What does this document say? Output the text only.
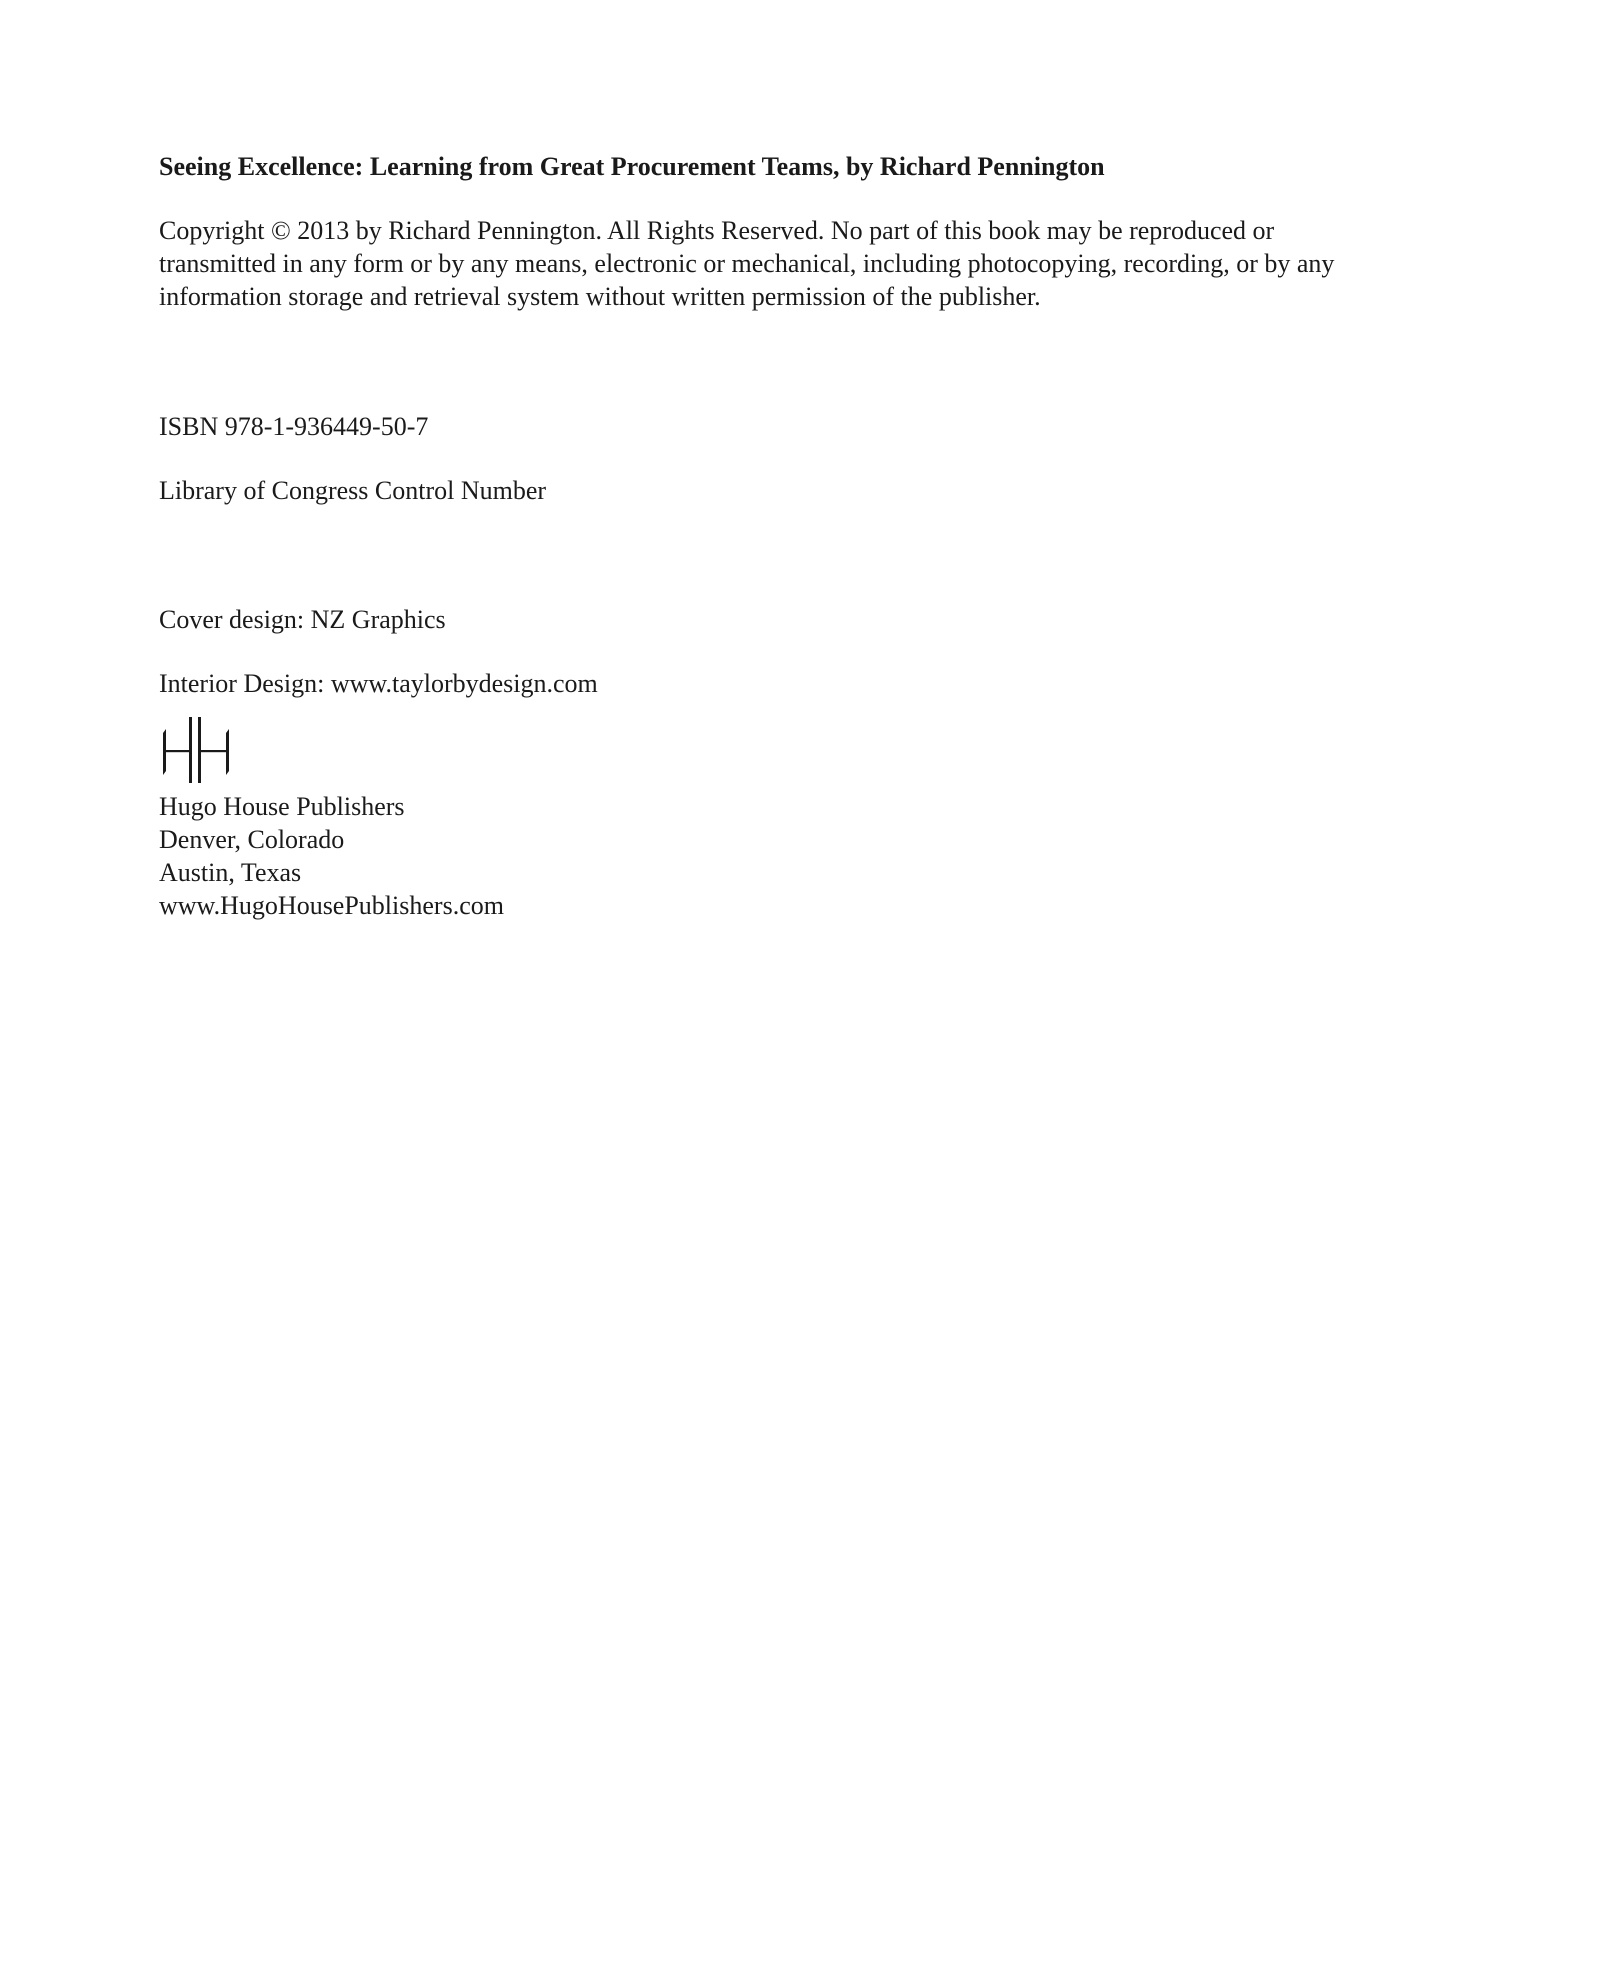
Seeing Excellence: Learning from Great Procurement Teams, by Richard Pennington

Copyright © 2013 by Richard Pennington. All Rights Reserved. No part of this book may be reproduced or transmitted in any form or by any means, electronic or mechanical, including photocopying, recording, or by any information storage and retrieval system without written permission of the publisher.

ISBN 978-1-936449-50-7

Library of Congress Control Number

Cover design: NZ Graphics

Interior Design: www.taylorbydesign.com

Hugo House Publishers
Denver, Colorado
Austin, Texas
www.HugoHousePublishers.com
